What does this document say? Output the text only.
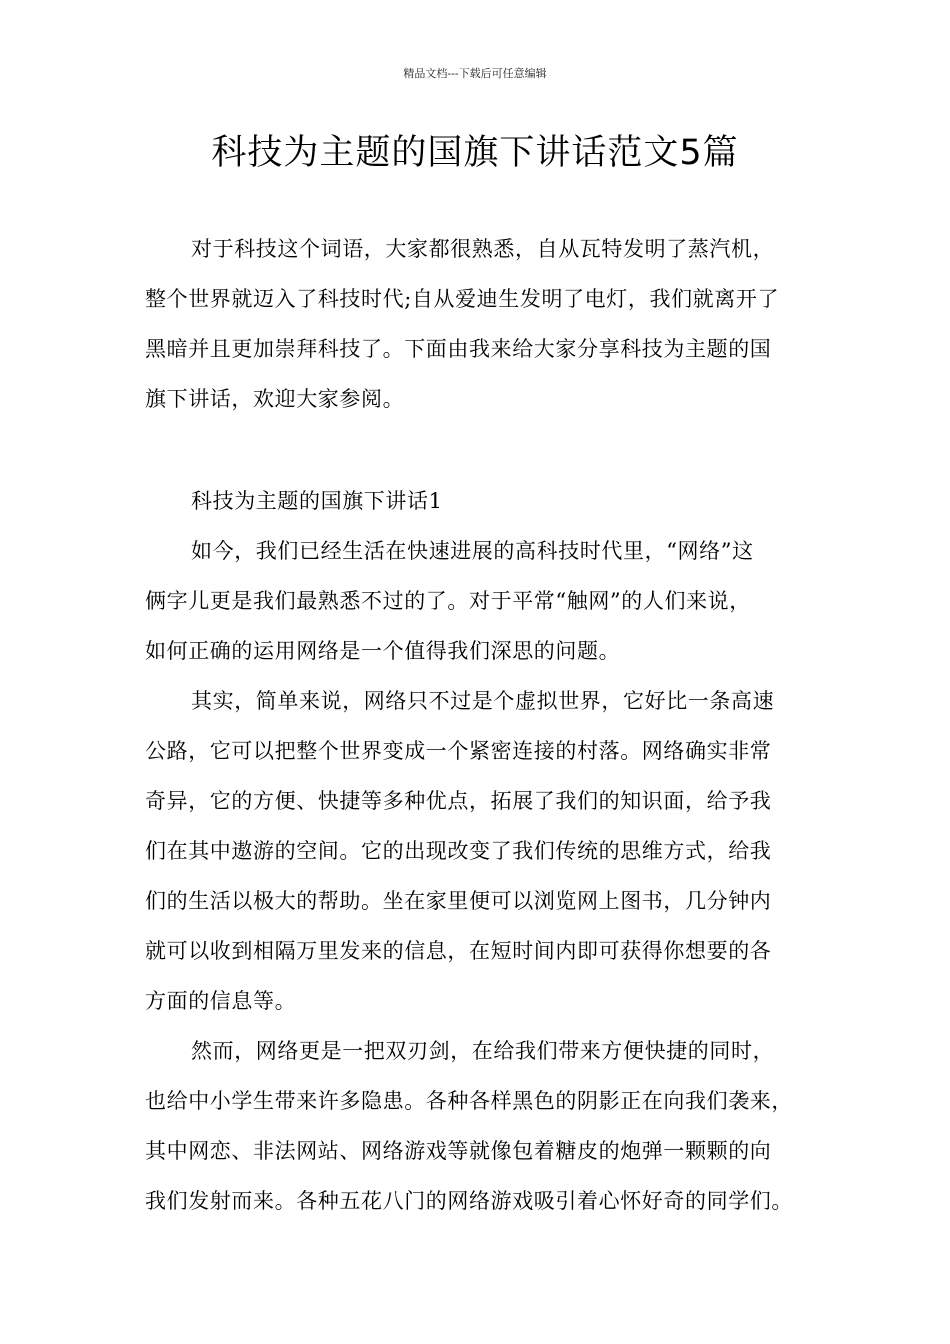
精品文档---下载后可任意编辑
科技为主题的国旗下讲话范文5篇
对于科技这个词语，大家都很熟悉，自从瓦特发明了蒸汽机，
整个世界就迈入了科技时代;自从爱迪生发明了电灯，我们就离开了
黑暗并且更加崇拜科技了。下面由我来给大家分享科技为主题的国
旗下讲话，欢迎大家参阅。
科技为主题的国旗下讲话1
如今，我们已经生活在快速进展的高科技时代里，“网络”这
俩字儿更是我们最熟悉不过的了。对于平常“触网”的人们来说，
如何正确的运用网络是一个值得我们深思的问题。
其实，简单来说，网络只不过是个虚拟世界，它好比一条高速
公路，它可以把整个世界变成一个紧密连接的村落。网络确实非常
奇异，它的方便、快捷等多种优点，拓展了我们的知识面，给予我
们在其中遨游的空间。它的出现改变了我们传统的思维方式，给我
们的生活以极大的帮助。坐在家里便可以浏览网上图书，几分钟内
就可以收到相隔万里发来的信息，在短时间内即可获得你想要的各
方面的信息等。
然而，网络更是一把双刃剑，在给我们带来方便快捷的同时，
也给中小学生带来许多隐患。各种各样黑色的阴影正在向我们袭来，
其中网恋、非法网站、网络游戏等就像包着糖皮的炮弹一颗颗的向
我们发射而来。各种五花八门的网络游戏吸引着心怀好奇的同学们。
